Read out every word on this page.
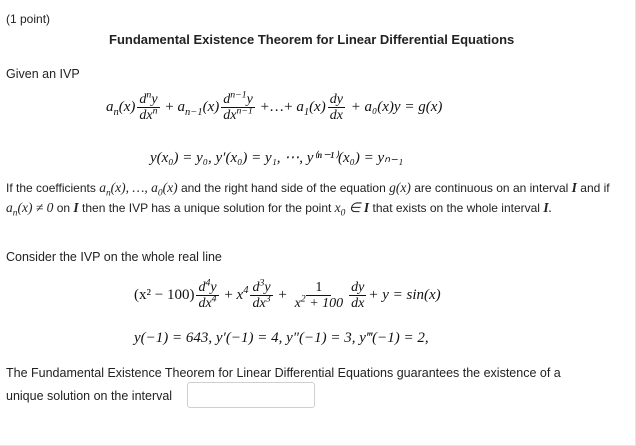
(1 point)
Fundamental Existence Theorem for Linear Differential Equations
Given an IVP
$a_n(x) \frac{d^ny}{dx^n} + a_{n-1}(x) \frac{d^{n-1}y}{dx^{n-1}}$ +…+ $a_1(x) \frac{dy}{dx}$
+ a₀(x)y = g(x)
y(x₀) = y₀, y′(x₀) = y₁, ⋯, y⁽ⁿ⁻¹⁾(x₀) = yₙ₋₁
If the coefficients $a_n(x)$, …, $a_0(x)$ and the right hand side of the equation g(x) are continuous on an interval I and if $a_n(x) \ne 0$ on I then the IVP has a unique solution for the point $x_0$ ∈ I that exists on the whole interval I.
Consider the IVP on the whole real line
$(x^2 - 100) \frac{d^4y}{dx^4} + x^4 \frac{d^3y}{dx^3} + \frac{1}{x^2 + 100} \frac{dy}{dx} + y = \sin(x)$
y(−1) = 643, y′(−1) = 4, y″(−1) = 3, y‴(−1) = 2,
The Fundamental Existence Theorem for Linear Differential Equations guarantees the existence of a
unique solution on the interval
